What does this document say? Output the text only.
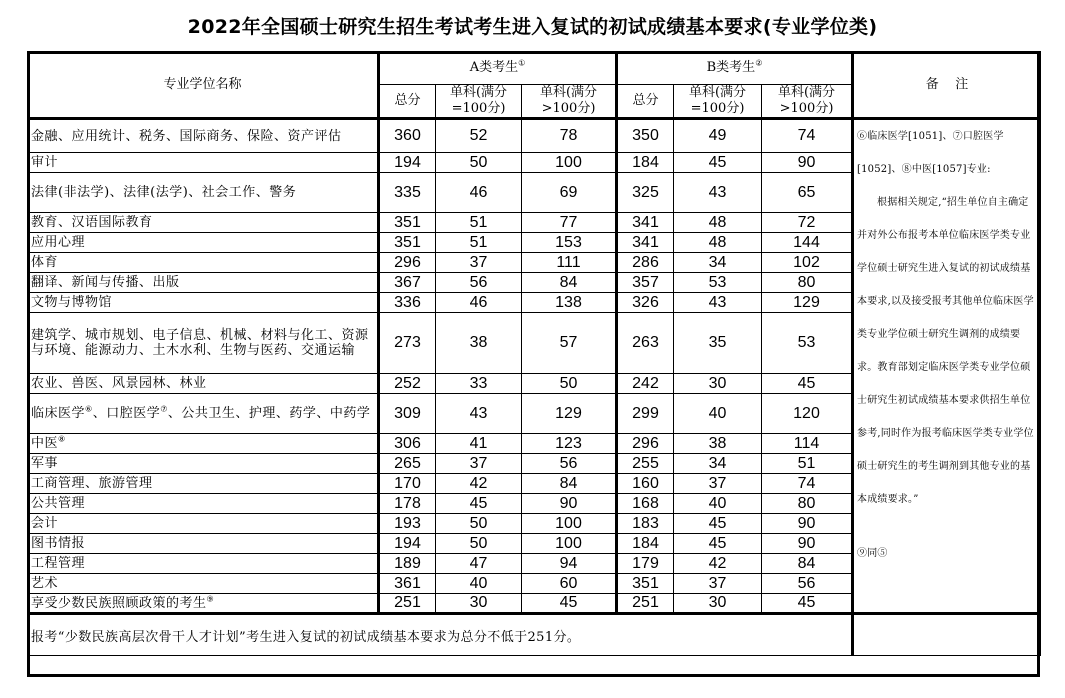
2022年全国硕士研究生招生考试考生进入复试的初试成绩基本要求(专业学位类)
专业学位名称	A类考生①			B类考生②			备    注
	总分	单科(满分=100分)	单科(满分>100分)	总分	单科(满分=100分)	单科(满分>100分)	
金融、应用统计、税务、国际商务、保险、资产评估	360	52	78	350	49	74	⑥临床医学[1051]、⑦口腔医学[1052]、⑧中医[1057]专业:

根据相关规定,“招生单位自主确定并对外公布报考本单位临床医学类专业学位硕士研究生进入复试的初试成绩基本要求,以及接受报考其他单位临床医学类专业学位硕士研究生调剂的成绩要求。教育部划定临床医学类专业学位硕士研究生初试成绩基本要求供招生单位参考,同时作为报考临床医学类专业学位硕士研究生的考生调剂到其他专业的基本成绩要求。”

⑨同⑤

审计	194	50	100	184	45	90	
法律(非法学)、法律(法学)、社会工作、警务	335	46	69	325	43	65	
教育、汉语国际教育	351	51	77	341	48	72	
应用心理	351	51	153	341	48	144	
体育	296	37	111	286	34	102	
翻译、新闻与传播、出版	367	56	84	357	53	80	
文物与博物馆	336	46	138	326	43	129	
建筑学、城市规划、电子信息、机械、材料与化工、资源与环境、能源动力、土木水利、生物与医药、交通运输	273	38	57	263	35	53	
农业、兽医、风景园林、林业	252	33	50	242	30	45	
临床医学⑥、口腔医学⑦、公共卫生、护理、药学、中药学	309	43	129	299	40	120	
中医⑧	306	41	123	296	38	114	
军事	265	37	56	255	34	51	
工商管理、旅游管理	170	42	84	160	37	74	
公共管理	178	45	90	168	40	80	
会计	193	50	100	183	45	90	
图书情报	194	50	100	184	45	90	
工程管理	189	47	94	179	42	84	
艺术	361	40	60	351	37	56	
享受少数民族照顾政策的考生⑨	251	30	45	251	30	45	
报考“少数民族高层次骨干人才计划”考生进入复试的初试成绩基本要求为总分不低于251分。							
